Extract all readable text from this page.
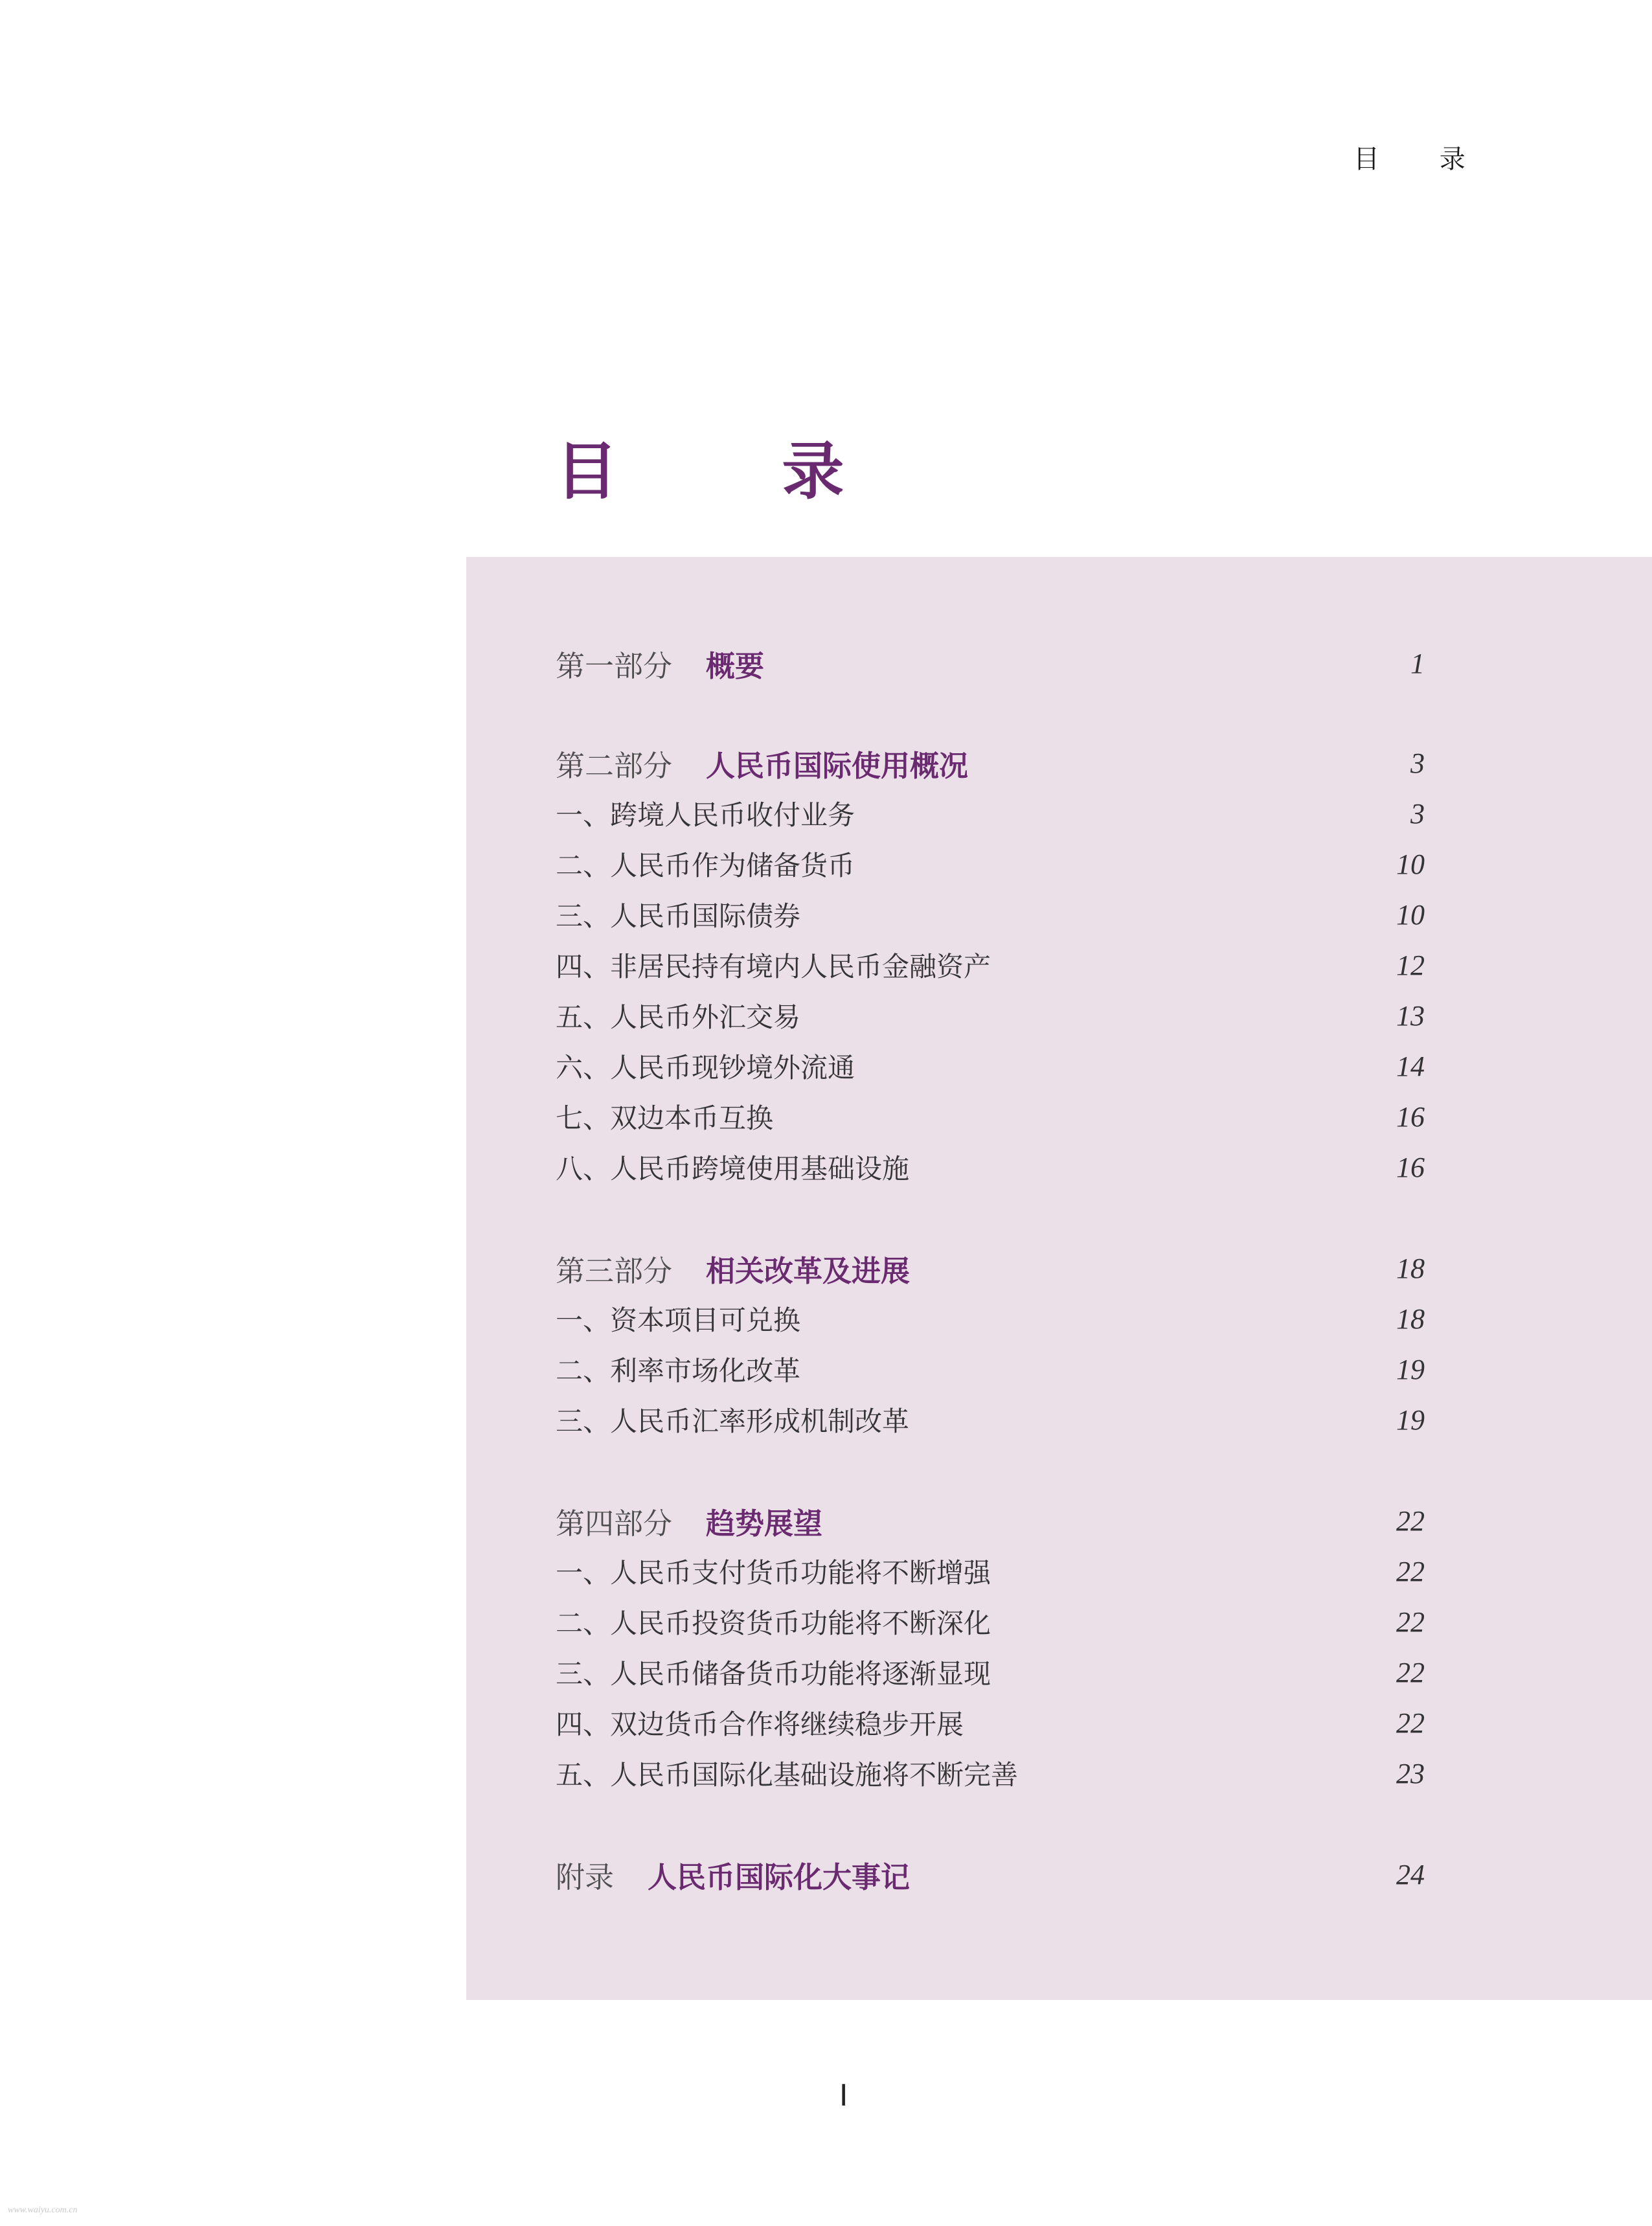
目 录
目 录
第一部分 概要	1
第二部分 人民币国际使用概况	3
一、跨境人民币收付业务	3
二、人民币作为储备货币	10
三、人民币国际债券	10
四、非居民持有境内人民币金融资产	12
五、人民币外汇交易	13
六、人民币现钞境外流通	14
七、双边本币互换	16
八、人民币跨境使用基础设施	16
第三部分 相关改革及进展	18
一、资本项目可兑换	18
二、利率市场化改革	19
三、人民币汇率形成机制改革	19
第四部分 趋势展望	22
一、人民币支付货币功能将不断增强	22
二、人民币投资货币功能将不断深化	22
三、人民币储备货币功能将逐渐显现	22
四、双边货币合作将继续稳步开展	22
五、人民币国际化基础设施将不断完善	23
附录 人民币国际化大事记	24
I
www.waiyu.com.cn
